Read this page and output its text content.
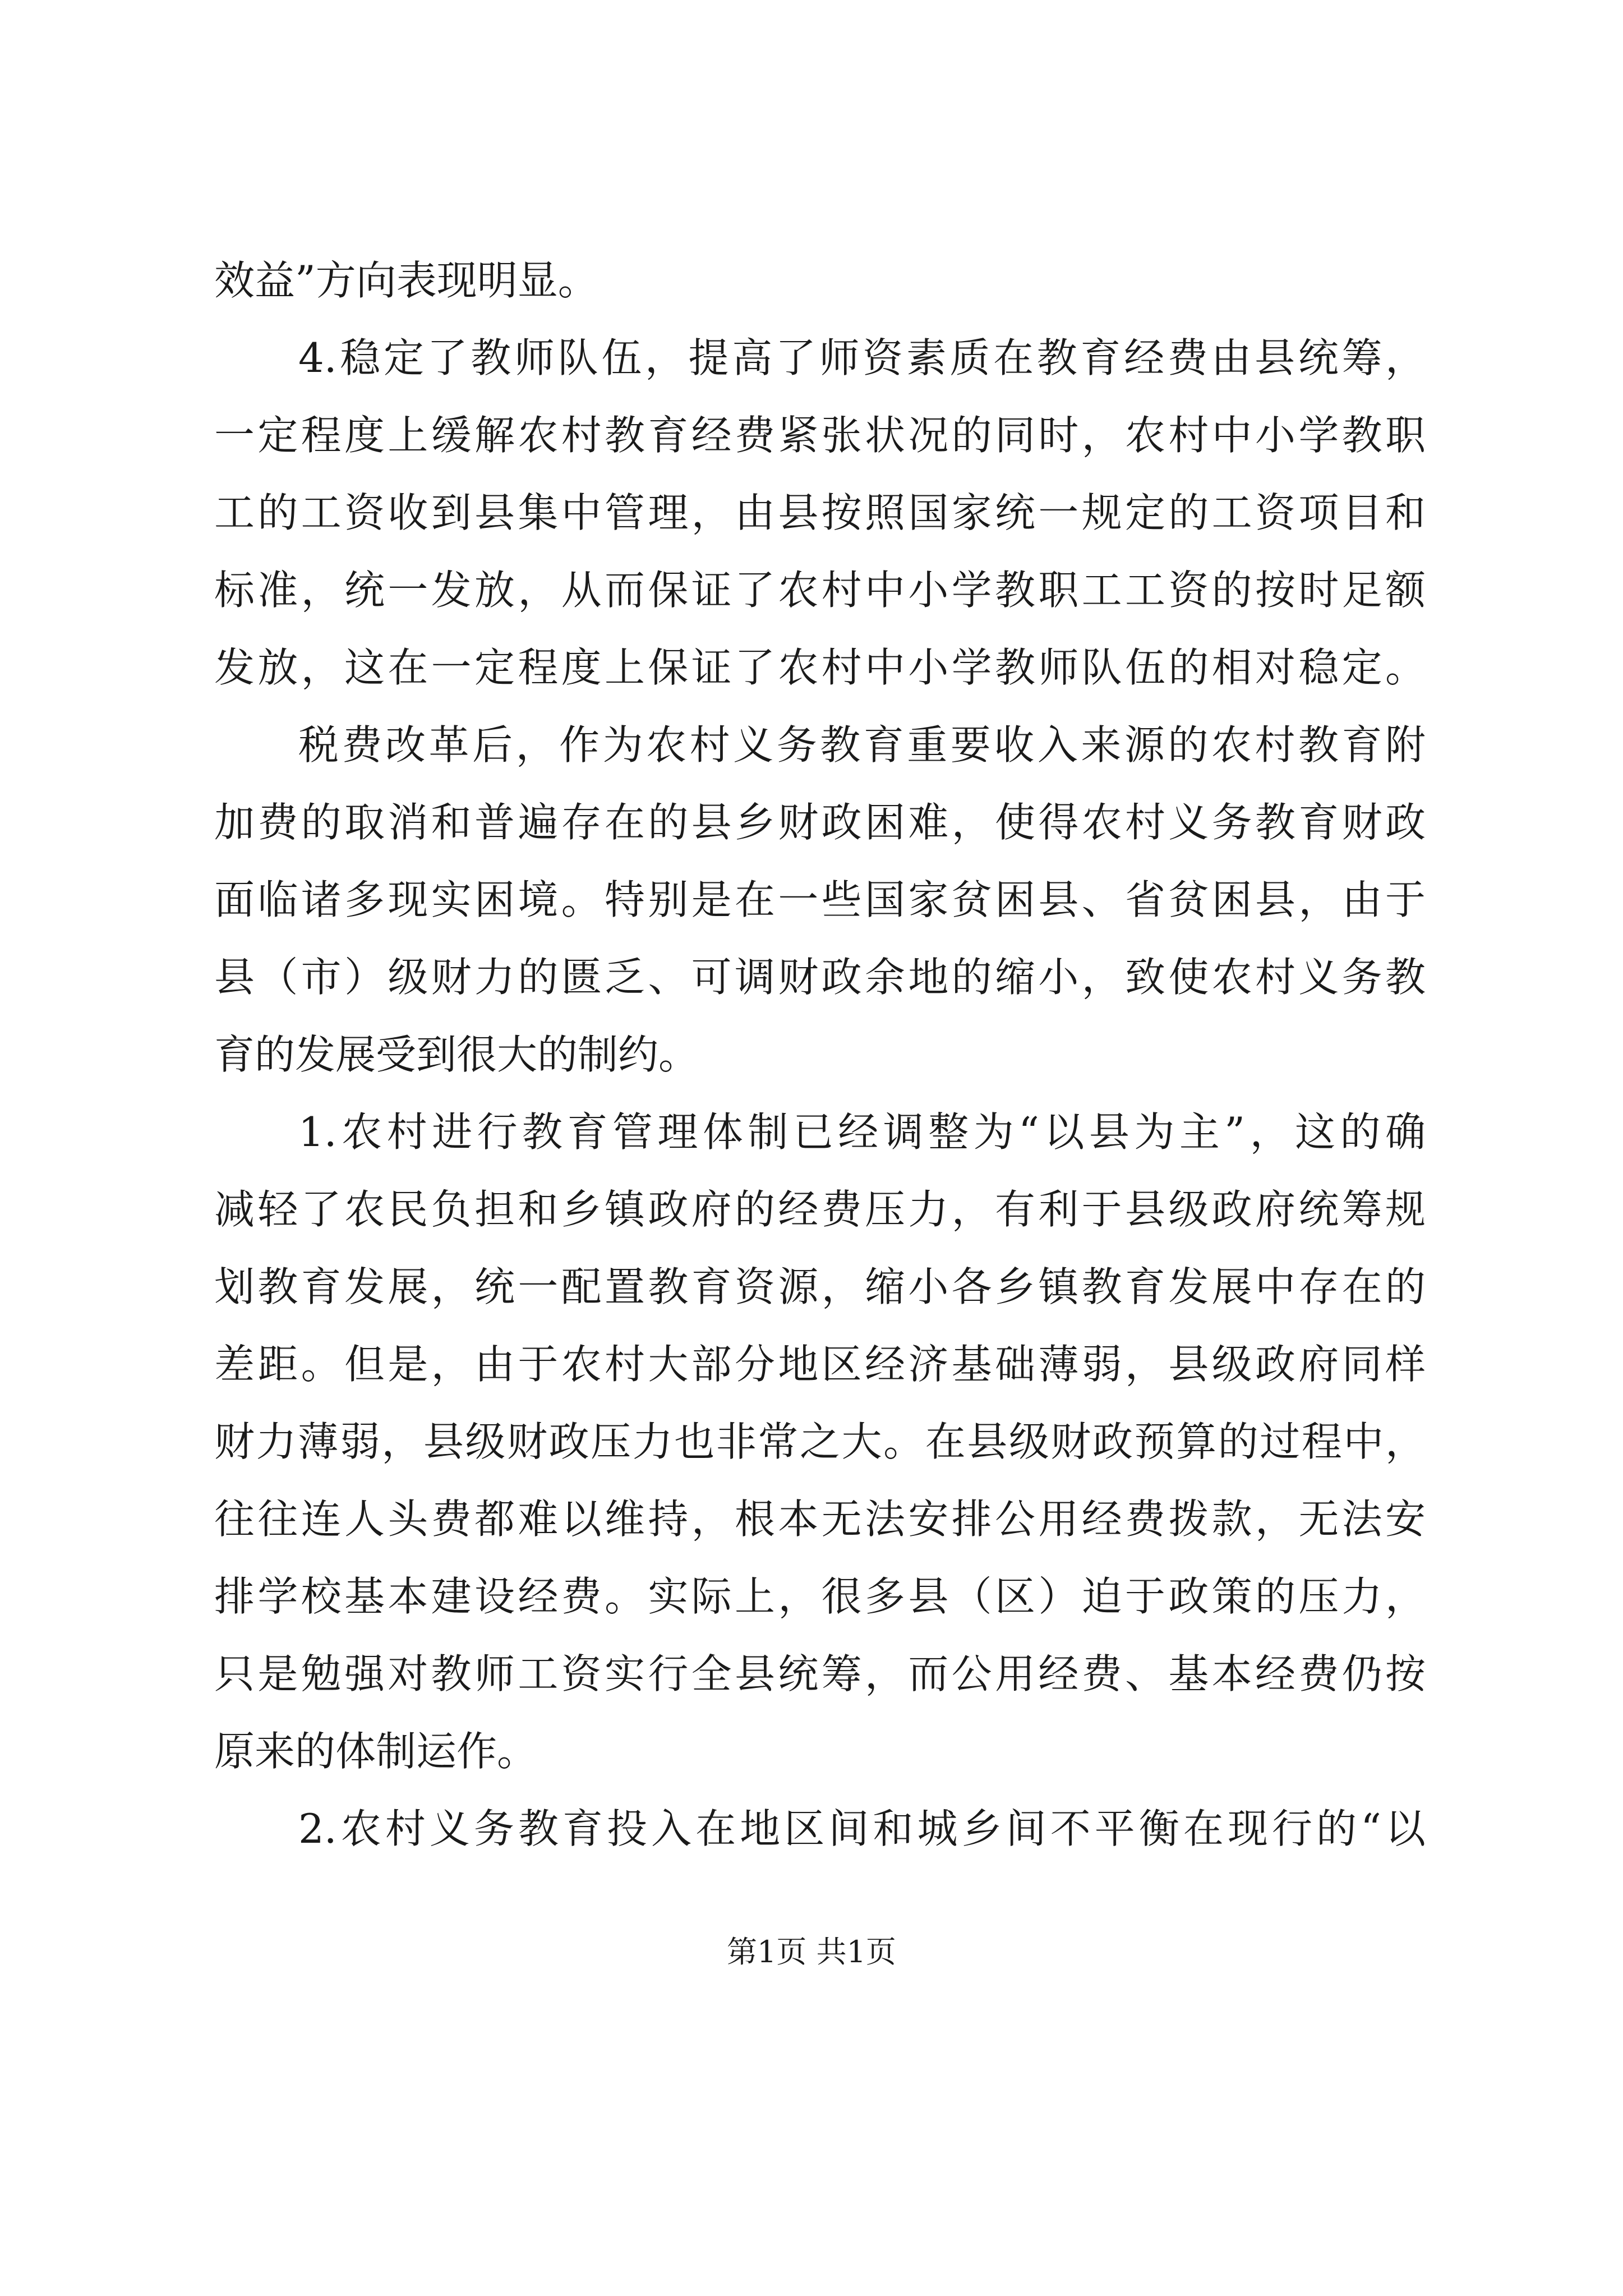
效益”方向表现明显。
4.稳定了教师队伍，提高了师资素质在教育经费由县统筹，
一定程度上缓解农村教育经费紧张状况的同时，农村中小学教职
工的工资收到县集中管理，由县按照国家统一规定的工资项目和
标准，统一发放，从而保证了农村中小学教职工工资的按时足额
发放，这在一定程度上保证了农村中小学教师队伍的相对稳定。
税费改革后，作为农村义务教育重要收入来源的农村教育附
加费的取消和普遍存在的县乡财政困难，使得农村义务教育财政
面临诸多现实困境。特别是在一些国家贫困县、省贫困县，由于
县（市）级财力的匮乏、可调财政余地的缩小，致使农村义务教
育的发展受到很大的制约。
1.农村进行教育管理体制已经调整为“以县为主”，这的确
减轻了农民负担和乡镇政府的经费压力，有利于县级政府统筹规
划教育发展，统一配置教育资源，缩小各乡镇教育发展中存在的
差距。但是，由于农村大部分地区经济基础薄弱，县级政府同样
财力薄弱，县级财政压力也非常之大。在县级财政预算的过程中，
往往连人头费都难以维持，根本无法安排公用经费拨款，无法安
排学校基本建设经费。实际上，很多县（区）迫于政策的压力，
只是勉强对教师工资实行全县统筹，而公用经费、基本经费仍按
原来的体制运作。
2.农村义务教育投入在地区间和城乡间不平衡在现行的“以
第1页 共1页
